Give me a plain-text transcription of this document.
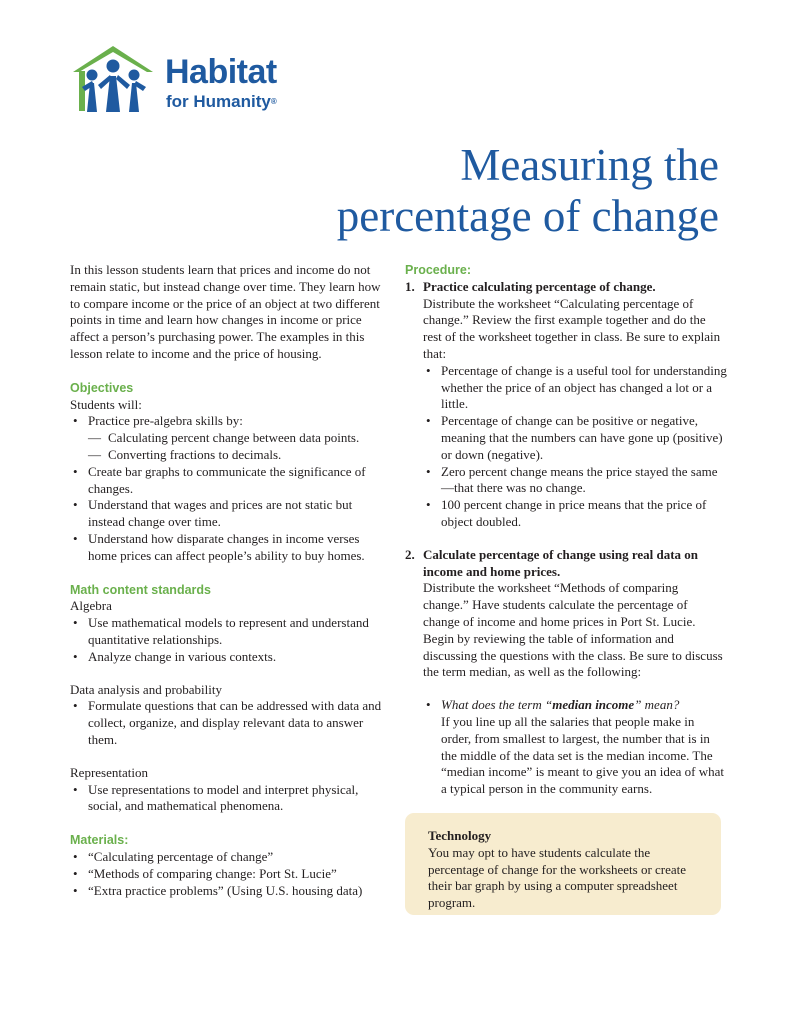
Habitat

for Humanity®

Measuring the
percentage of change

In this lesson students learn that prices and income do not remain static, but instead change over time. They learn how to compare income or the price of an object at two different points in time and learn how changes in income or price affect a person’s purchasing power. The examples in this lesson relate to income and the price of housing.

Objectives

Students will:

• Practice pre-algebra skills by:
— Calculating percent change between data points.
— Converting fractions to decimals.
• Create bar graphs to communicate the significance of changes.
• Understand that wages and prices are not static but instead change over time.
• Understand how disparate changes in income verses home prices can affect people’s ability to buy homes.
Math content standards

Algebra

• Use mathematical models to represent and understand quantitative relationships.
• Analyze change in various contexts.

Data analysis and probability

• Formulate questions that can be addressed with data and collect, organize, and display relevant data to answer them.

Representation

• Use representations to model and interpret physical, social, and mathematical phenomena.
Materials:
• “Calculating percentage of change”
• “Methods of comparing change: Port St. Lucie”
• “Extra practice problems” (Using U.S. housing data)
Procedure:
1. Practice calculating percentage of change.

Distribute the worksheet “Calculating percentage of change.” Review the first example together and do the rest of the worksheet together in class. Be sure to explain that:

• Percentage of change is a useful tool for understanding whether the price of an object has changed a lot or a little.
• Percentage of change can be positive or negative, meaning that the numbers can have gone up (positive) or down (negative).
• Zero percent change means the price stayed the same—that there was no change.
• 100 percent change in price means that the price of object doubled.
2. Calculate percentage of change using real data on income and home prices.

Distribute the worksheet “Methods of comparing change.” Have students calculate the percentage of change of income and home prices in Port St. Lucie. Begin by reviewing the table of information and discussing the questions with the class. Be sure to discuss the term median, as well as the following:

• What does the term “median income” mean?

If you line up all the salaries that people make in order, from smallest to largest, the number that is in the middle of the data set is the median income. The “median income” is meant to give you an idea of what a typical person in the community earns.

Technology

You may opt to have students calculate the percentage of change for the worksheets or create their bar graph by using a computer spreadsheet program.
